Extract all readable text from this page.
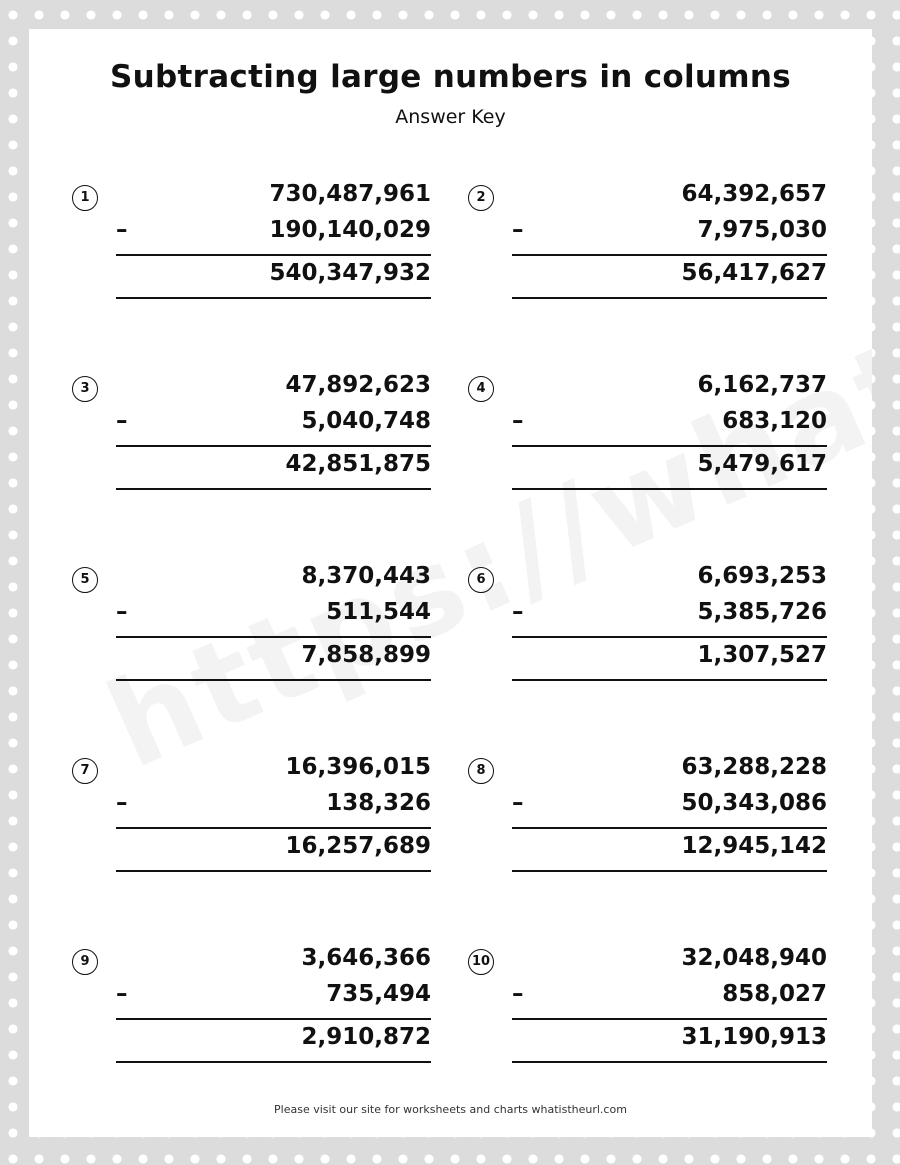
Subtracting large numbers in columns
Answer Key
1	730,487,961
–	190,140,029
540,347,932
2	64,392,657
–	7,975,030
56,417,627
3	47,892,623
–	5,040,748
42,851,875
4	6,162,737
–	683,120
5,479,617
5	8,370,443
–	511,544
7,858,899
6	6,693,253
–	5,385,726
1,307,527
7	16,396,015
–	138,326
16,257,689
8	63,288,228
–	50,343,086
12,945,142
9	3,646,366
–	735,494
2,910,872
10	32,048,940
–	858,027
31,190,913
Please visit our site for worksheets and charts whatistheurl.com
